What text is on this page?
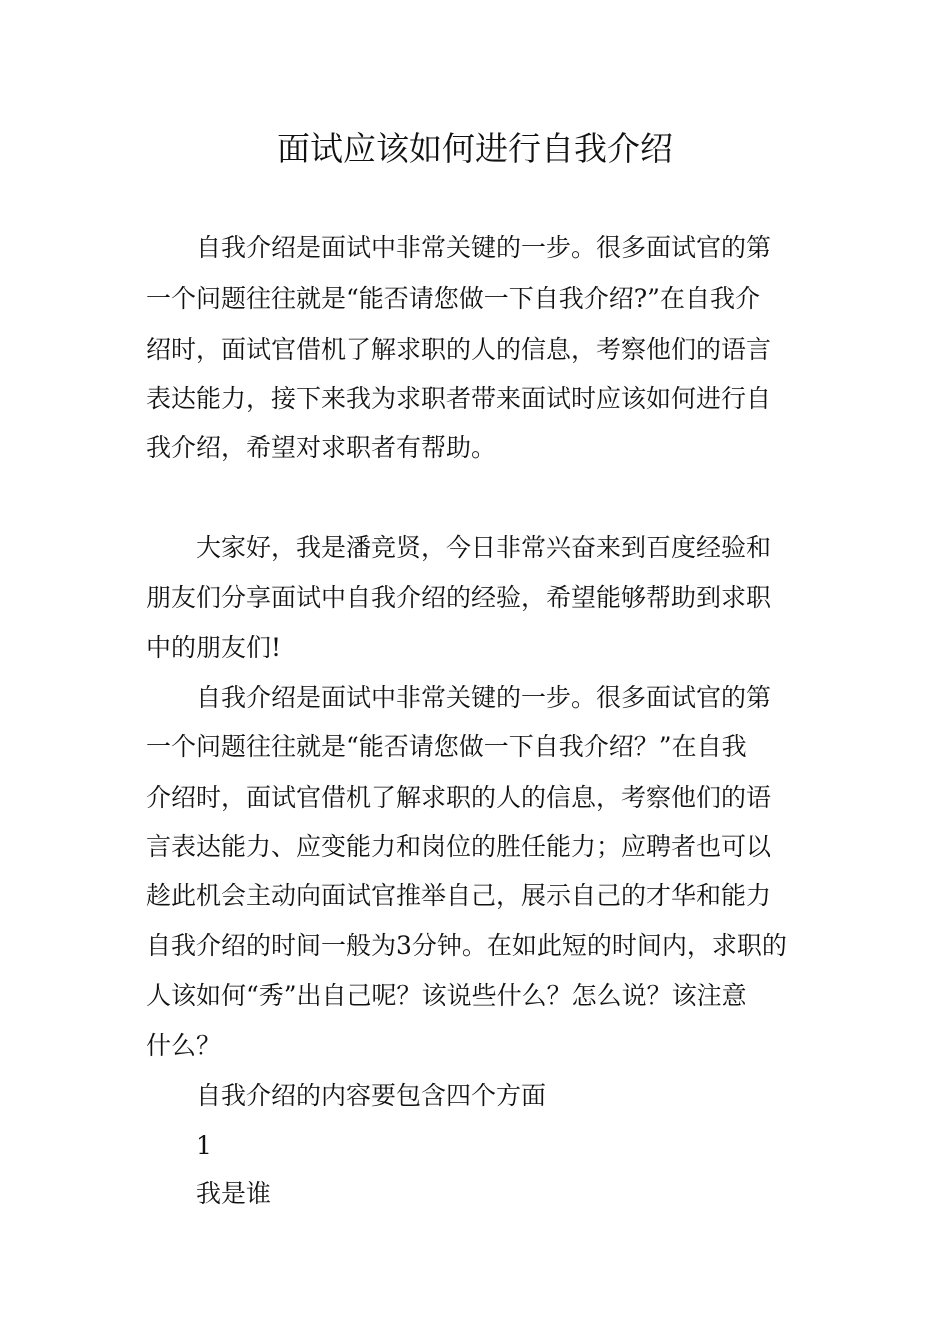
面试应该如何进行自我介绍
自我介绍是面试中非常关键的一步。很多面试官的第
一个问题往往就是“能否请您做一下自我介绍?”在自我介
绍时，面试官借机了解求职的人的信息，考察他们的语言
表达能力，接下来我为求职者带来面试时应该如何进行自
我介绍，希望对求职者有帮助。
大家好，我是潘竞贤，今日非常兴奋来到百度经验和
朋友们分享面试中自我介绍的经验，希望能够帮助到求职
中的朋友们!
自我介绍是面试中非常关键的一步。很多面试官的第
一个问题往往就是“能否请您做一下自我介绍？”在自我
介绍时，面试官借机了解求职的人的信息，考察他们的语
言表达能力、应变能力和岗位的胜任能力；应聘者也可以
趁此机会主动向面试官推举自己，展示自己的才华和能力
自我介绍的时间一般为3分钟。在如此短的时间内，求职的
人该如何“秀”出自己呢？该说些什么？怎么说？该注意
什么？
自我介绍的内容要包含四个方面
1
我是谁
